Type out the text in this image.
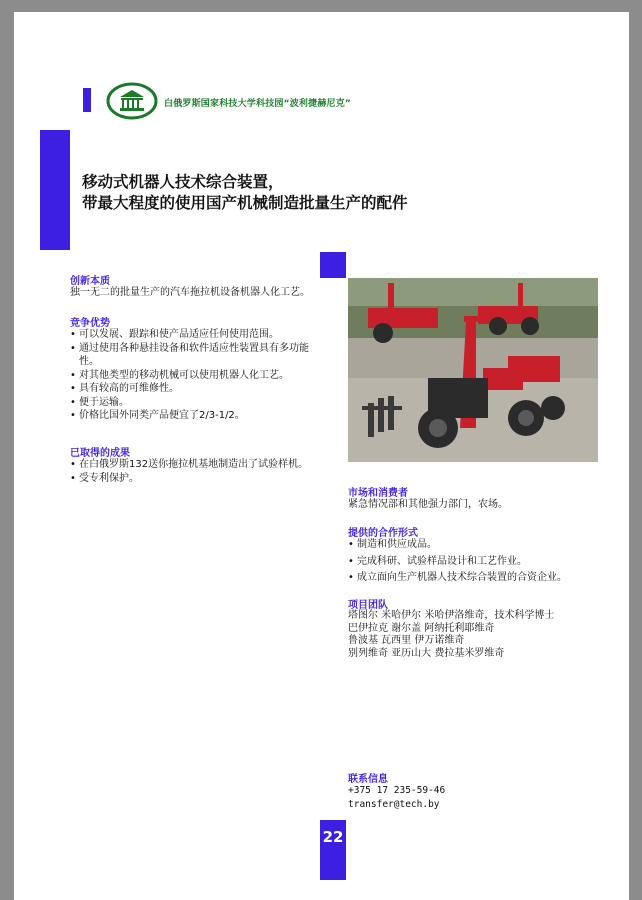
白俄罗斯国家科技大学科技园“波利捷赫尼克”
移动式机器人技术综合装置，
带最大程度的使用国产机械制造批量生产的配件
创新本质
独一无二的批量生产的汽车拖拉机设备机器人化工艺。
竞争优势
• 可以发展、跟踪和使产品适应任何使用范围。
• 通过使用各种悬挂设备和软件适应性装置具有多功能性。
• 对其他类型的移动机械可以使用机器人化工艺。
• 具有较高的可维修性。
• 便于运输。
• 价格比国外同类产品便宜了2/3-1/2。
已取得的成果
• 在白俄罗斯132送你拖拉机基地制造出了试验样机。
• 受专利保护。
市场和消费者
紧急情况部和其他强力部门，农场。
提供的合作形式
• 制造和供应成品。
• 完成科研、试验样品设计和工艺作业。
• 成立面向生产机器人技术综合装置的合资企业。
项目团队
塔图尔 米哈伊尔 米哈伊洛维奇，技术科学博士
巴伊拉克 谢尔盖 阿纳托利耶维奇
鲁波基 瓦西里 伊万诺维奇
别列维奇 亚历山大 费拉基米罗维奇
联系信息
+375 17 235-59-46
transfer@tech.by
22
